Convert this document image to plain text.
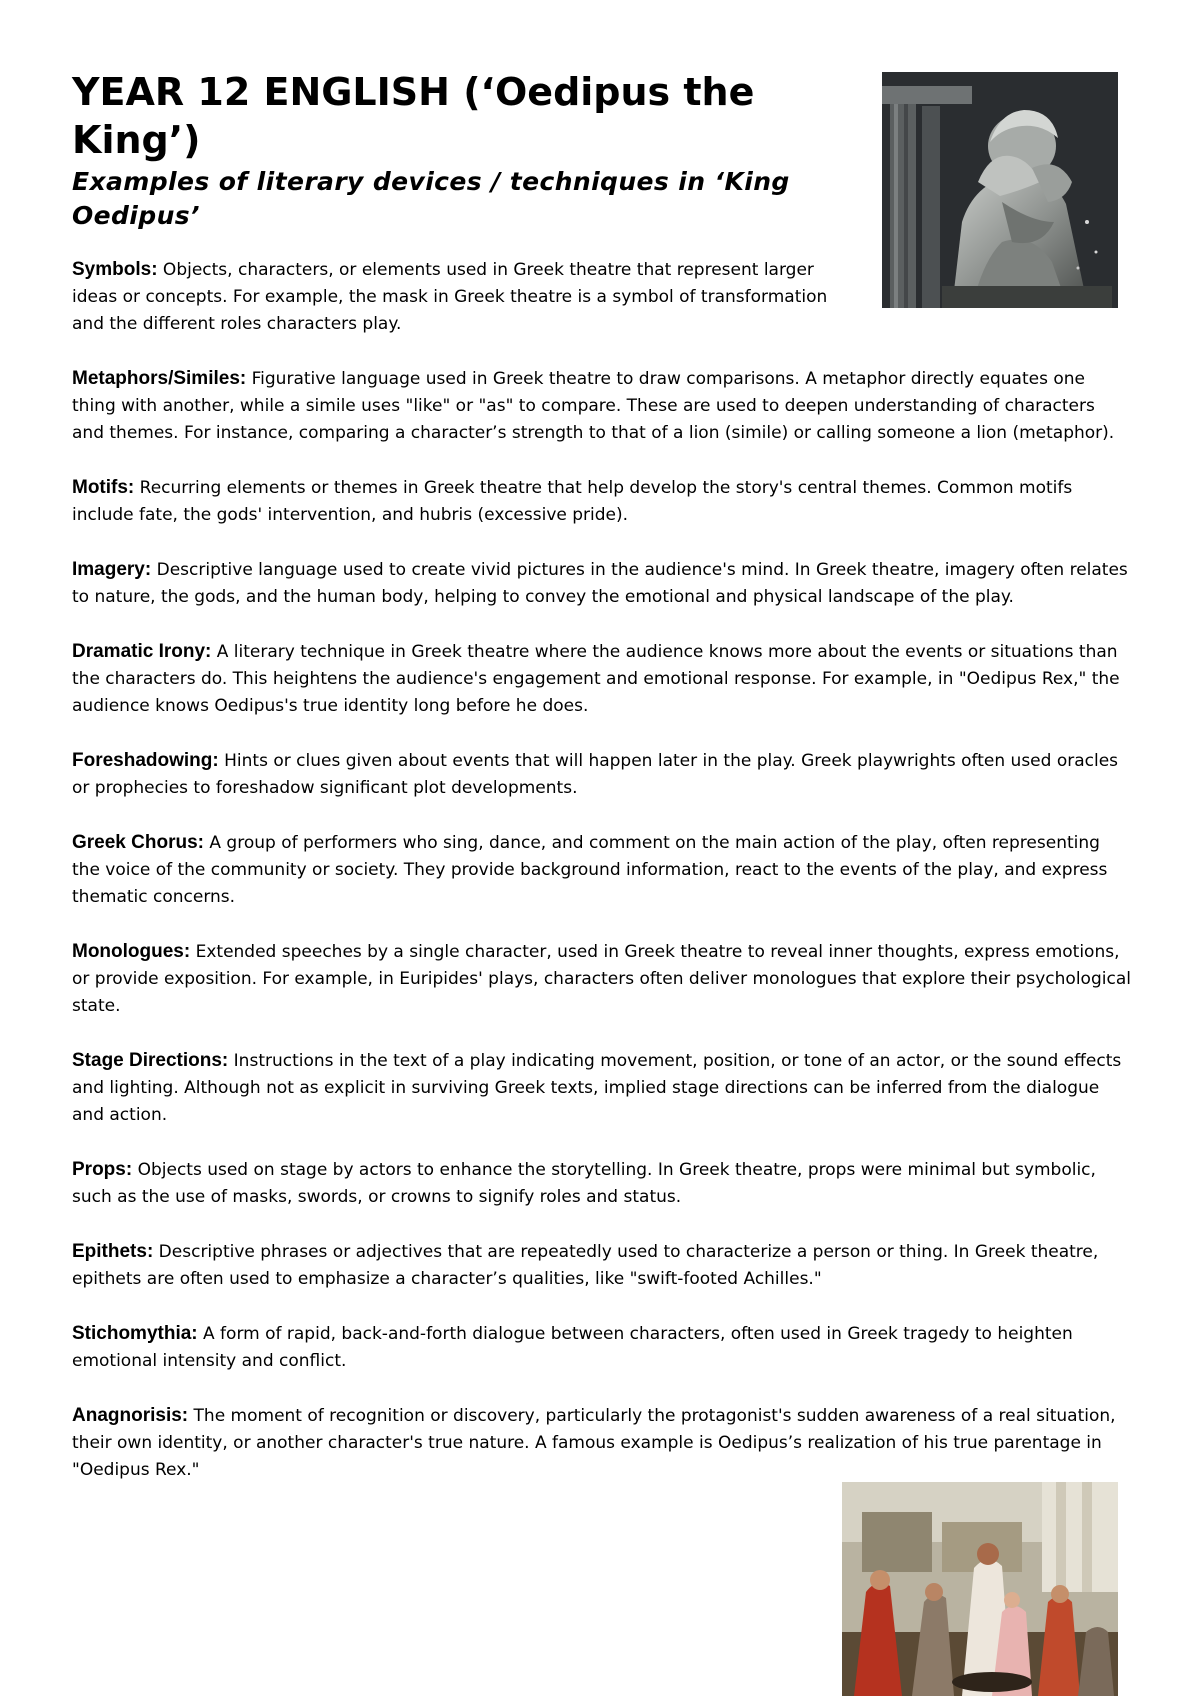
YEAR 12 ENGLISH (‘Oedipus the King’)
Examples of literary devices / techniques in ‘King Oedipus’
Symbols: Objects, characters, or elements used in Greek theatre that represent larger ideas or concepts. For example, the mask in Greek theatre is a symbol of transformation and the different roles characters play.
Metaphors/Similes: Figurative language used in Greek theatre to draw comparisons. A metaphor directly equates one thing with another, while a simile uses "like" or "as" to compare. These are used to deepen understanding of characters and themes. For instance, comparing a character’s strength to that of a lion (simile) or calling someone a lion (metaphor).
Motifs: Recurring elements or themes in Greek theatre that help develop the story's central themes. Common motifs include fate, the gods' intervention, and hubris (excessive pride).
Imagery: Descriptive language used to create vivid pictures in the audience's mind. In Greek theatre, imagery often relates to nature, the gods, and the human body, helping to convey the emotional and physical landscape of the play.
Dramatic Irony: A literary technique in Greek theatre where the audience knows more about the events or situations than the characters do. This heightens the audience's engagement and emotional response. For example, in "Oedipus Rex," the audience knows Oedipus's true identity long before he does.
Foreshadowing: Hints or clues given about events that will happen later in the play. Greek playwrights often used oracles or prophecies to foreshadow significant plot developments.
Greek Chorus: A group of performers who sing, dance, and comment on the main action of the play, often representing the voice of the community or society. They provide background information, react to the events of the play, and express thematic concerns.
Monologues: Extended speeches by a single character, used in Greek theatre to reveal inner thoughts, express emotions, or provide exposition. For example, in Euripides' plays, characters often deliver monologues that explore their psychological state.
Stage Directions: Instructions in the text of a play indicating movement, position, or tone of an actor, or the sound effects and lighting. Although not as explicit in surviving Greek texts, implied stage directions can be inferred from the dialogue and action.
Props: Objects used on stage by actors to enhance the storytelling. In Greek theatre, props were minimal but symbolic, such as the use of masks, swords, or crowns to signify roles and status.
Epithets: Descriptive phrases or adjectives that are repeatedly used to characterize a person or thing. In Greek theatre, epithets are often used to emphasize a character’s qualities, like "swift-footed Achilles."
Stichomythia: A form of rapid, back-and-forth dialogue between characters, often used in Greek tragedy to heighten emotional intensity and conflict.
Anagnorisis: The moment of recognition or discovery, particularly the protagonist's sudden awareness of a real situation, their own identity, or another character's true nature. A famous example is Oedipus’s realization of his true parentage in "Oedipus Rex."
